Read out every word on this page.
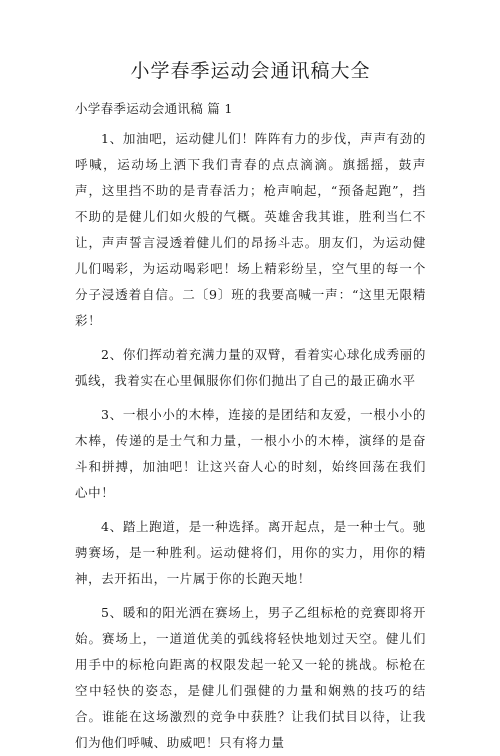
小学春季运动会通讯稿大全
小学春季运动会通讯稿 篇 1

1、加油吧，运动健儿们！阵阵有力的步伐，声声有劲的呼喊，运动场上洒下我们青春的点点滴滴。旗摇摇，鼓声声，这里挡不助的是青春活力；枪声响起，“预备起跑”，挡不助的是健儿们如火般的气概。英雄舍我其谁，胜利当仁不让，声声誓言浸透着健儿们的昂扬斗志。朋友们，为运动健儿们喝彩，为运动喝彩吧！场上精彩纷呈，空气里的每一个分子浸透着自信。二〔9〕班的我要高喊一声：“这里无限精彩！

2、你们挥动着充满力量的双臂，看着实心球化成秀丽的弧线，我着实在心里佩服你们你们抛出了自己的最正确水平

3、一根小小的木棒，连接的是团结和友爱，一根小小的木棒，传递的是士气和力量，一根小小的木棒，演绎的是奋斗和拼搏，加油吧！让这兴奋人心的时刻，始终回荡在我们心中！

4、踏上跑道，是一种选择。离开起点，是一种士气。驰骋赛场，是一种胜利。运动健将们，用你的实力，用你的精神，去开拓出，一片属于你的长跑天地！

5、暖和的阳光洒在赛场上，男子乙组标枪的竞赛即将开始。赛场上，一道道优美的弧线将轻快地划过天空。健儿们用手中的标枪向距离的权限发起一轮又一轮的挑战。标枪在空中轻快的姿态，是健儿们强健的力量和娴熟的技巧的结合。谁能在这场激烈的竞争中获胜？让我们拭目以待，让我们为他们呼喊、助威吧！只有将力量
